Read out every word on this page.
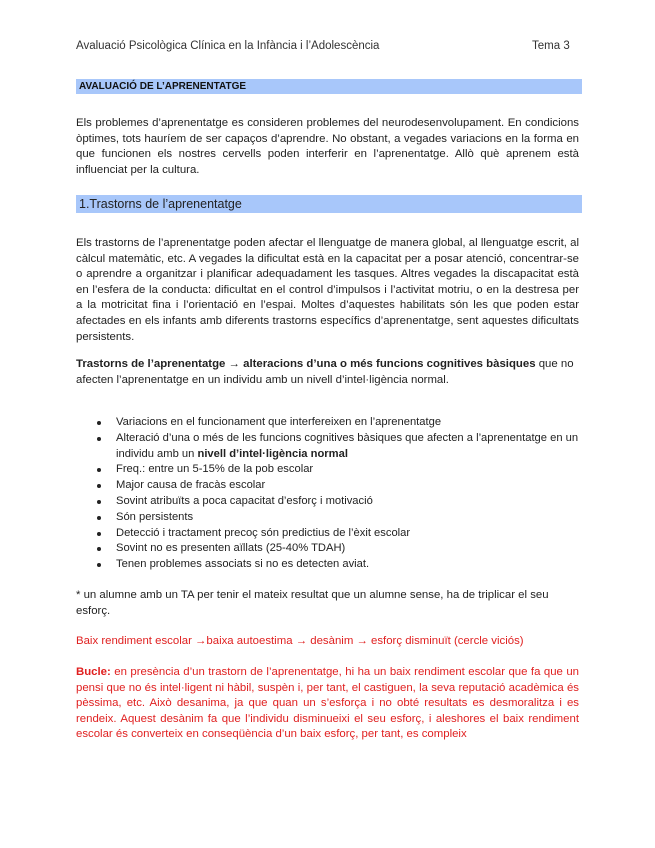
Avaluació Psicològica Clínica en la Infància i l’Adolescència	Tema 3
AVALUACIÓ DE L’APRENENTATGE

Els problemes d’aprenentatge es consideren problemes del neurodesenvolupament. En condicions òptimes, tots hauríem de ser capaços d’aprendre. No obstant, a vegades variacions en la forma en que funcionen els nostres cervells poden interferir en l’aprenentatge. Allò què aprenem està influenciat per la cultura.

1.Trastorns de l’aprenentatge

Els trastorns de l’aprenentatge poden afectar el llenguatge de manera global, al llenguatge escrit, al càlcul matemàtic, etc. A vegades la dificultat està en la capacitat per a posar atenció, concentrar-se o aprendre a organitzar i planificar adequadament les tasques. Altres vegades la discapacitat està en l’esfera de la conducta: dificultat en el control d’impulsos i l’activitat motriu, o en la destresa per a la motricitat fina i l’orientació en l’espai. Moltes d’aquestes habilitats són les que poden estar afectades en els infants amb diferents trastorns específics d’aprenentatge, sent aquestes dificultats persistents.

Trastorns de l’aprenentatge → alteracions d’una o més funcions cognitives bàsiques que no afecten l’aprenentatge en un individu amb un nivell d’intel·ligència normal.

Variacions en el funcionament que interfereixen en l’aprenentatge
Alteració d’una o més de les funcions cognitives bàsiques que afecten a l’aprenentatge en un individu amb un nivell d’intel·ligència normal
Freq.: entre un 5-15% de la pob escolar
Major causa de fracàs escolar
Sovint atribuïts a poca capacitat d’esforç i motivació
Són persistents
Detecció i tractament precoç són predictius de l’èxit escolar
Sovint no es presenten aïllats (25-40% TDAH)
Tenen problemes associats si no es detecten aviat.

* un alumne amb un TA per tenir el mateix resultat que un alumne sense, ha de triplicar el seu esforç.

Baix rendiment escolar →baixa autoestima → desànim → esforç disminuït (cercle viciós)

Bucle: en presència d’un trastorn de l’aprenentatge, hi ha un baix rendiment escolar que fa que un pensi que no és intel·ligent ni hàbil, suspèn i, per tant, el castiguen, la seva reputació acadèmica és pèssima, etc. Això desanima, ja que quan un s’esforça i no obté resultats es desmoralitza i es rendeix. Aquest desànim fa que l’individu disminueixi el seu esforç, i aleshores el baix rendiment escolar és converteix en conseqüència d’un baix esforç, per tant, es compleix
